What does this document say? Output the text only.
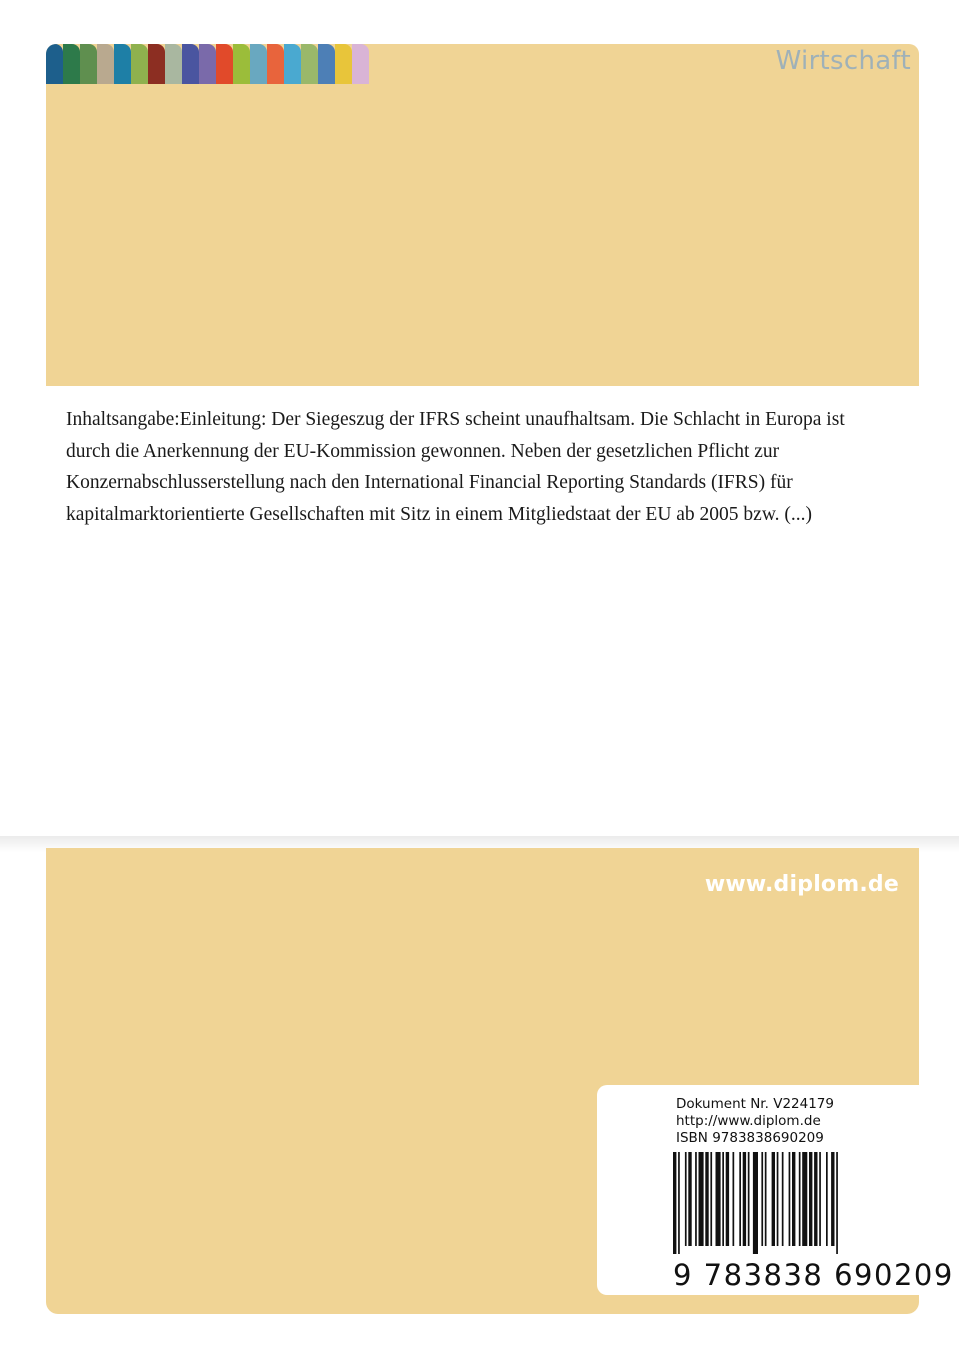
Wirtschaft
Inhaltsangabe:Einleitung: Der Siegeszug der IFRS scheint unaufhaltsam. Die Schlacht in Europa ist durch die Anerkennung der EU-Kommission gewonnen. Neben der gesetzlichen Pflicht zur Konzernabschlusserstellung nach den International Financial Reporting Standards (IFRS) für kapitalmarktorientierte Gesellschaften mit Sitz in einem Mitgliedstaat der EU ab 2005 bzw. (...)
www.diplom.de
Dokument Nr. V224179
http://www.diplom.de
ISBN 9783838690209
9 783838 690209
